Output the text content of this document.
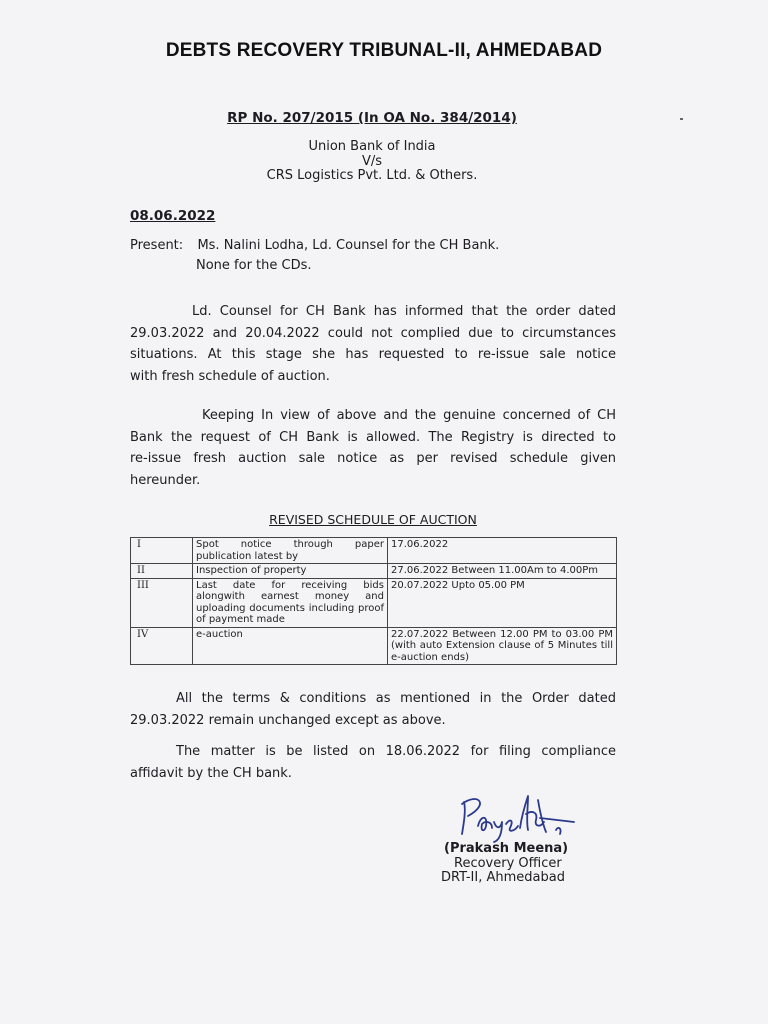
DEBTS RECOVERY TRIBUNAL-II, AHMEDABAD
RP No. 207/2015 (In OA No. 384/2014)
Union Bank of India
V/s
CRS Logistics Pvt. Ltd. & Others.
08.06.2022
Present: Ms. Nalini Lodha, Ld. Counsel for the CH Bank.
None for the CDs.
Ld. Counsel for CH Bank has informed that the order dated
29.03.2022 and 20.04.2022 could not complied due to circumstances
situations. At this stage she has requested to re-issue sale notice
with fresh schedule of auction.
Keeping In view of above and the genuine concerned of CH
Bank the request of CH Bank is allowed. The Registry is directed to
re-issue fresh auction sale notice as per revised schedule given
hereunder.
REVISED SCHEDULE OF AUCTION
I	Spot notice through paper publication latest by	17.06.2022
II	Inspection of property	27.06.2022 Between 11.00Am to 4.00Pm
III	Last date for receiving bids alongwith earnest money and uploading documents including proof of payment made	20.07.2022 Upto 05.00 PM
IV	e-auction	22.07.2022 Between 12.00 PM to 03.00 PM (with auto Extension clause of 5 Minutes till e-auction ends)
All the terms & conditions as mentioned in the Order dated
29.03.2022 remain unchanged except as above.
The matter is be listed on 18.06.2022 for filing compliance
affidavit by the CH bank.
(Prakash Meena)
Recovery Officer
DRT-II, Ahmedabad
